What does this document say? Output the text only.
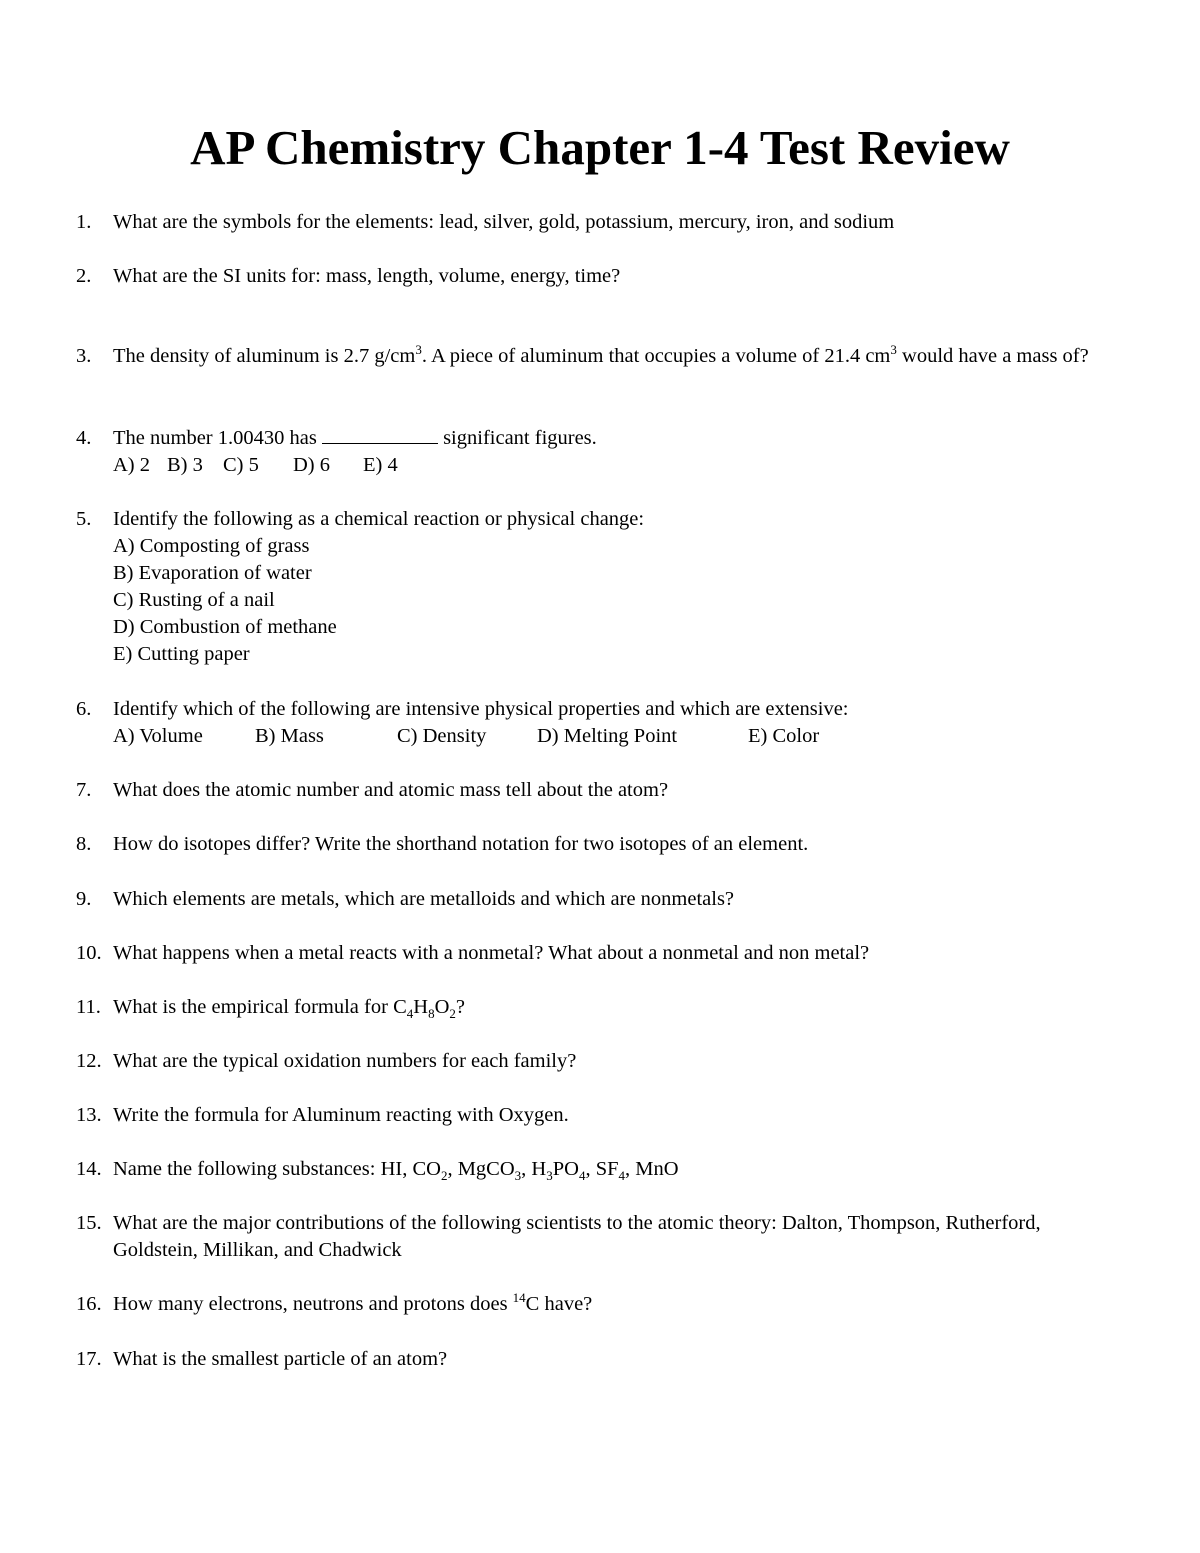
AP Chemistry Chapter 1-4 Test Review
1. What are the symbols for the elements: lead, silver, gold, potassium, mercury, iron, and sodium
2. What are the SI units for: mass, length, volume, energy, time?
3. The density of aluminum is 2.7 $g/cm^3$. A piece of aluminum that occupies a volume of 21.4 $cm^3$ would have a mass of?
4. The number 1.00430 has	significant figures.
A) 2 B) 3 C) 5 D) 6 E) 4
5. Identify the following as a chemical reaction or physical change:
A) Composting of grass
B) Evaporation of water
C) Rusting of a nail
D) Combustion of methane
E) Cutting paper
6. Identify which of the following are intensive physical properties and which are extensive:
A) Volume	B) Mass	C) Density D) Melting Point	E) Color
7. What does the atomic number and atomic mass tell about the atom?
8. How do isotopes differ? Write the shorthand notation for two isotopes of an element.
9. Which elements are metals, which are metalloids and which are nonmetals?
10. What happens when a metal reacts with a nonmetal? What about a nonmetal and non metal?
11. What is the empirical formula for $C_4H_8O_2$?
12. What are the typical oxidation numbers for each family?
13. Write the formula for Aluminum reacting with Oxygen.
14. Name the following substances: HI, $CO_2$, MgCO$_3$, $H_3PO_4$, $SF_4$, MnO
15. What are the major contributions of the following scientists to the atomic theory: Dalton, Thompson, Rutherford, Goldstein, Millikan, and Chadwick
16. How many electrons, neutrons and protons does $^{14}$C have?
17. What is the smallest particle of an atom?
